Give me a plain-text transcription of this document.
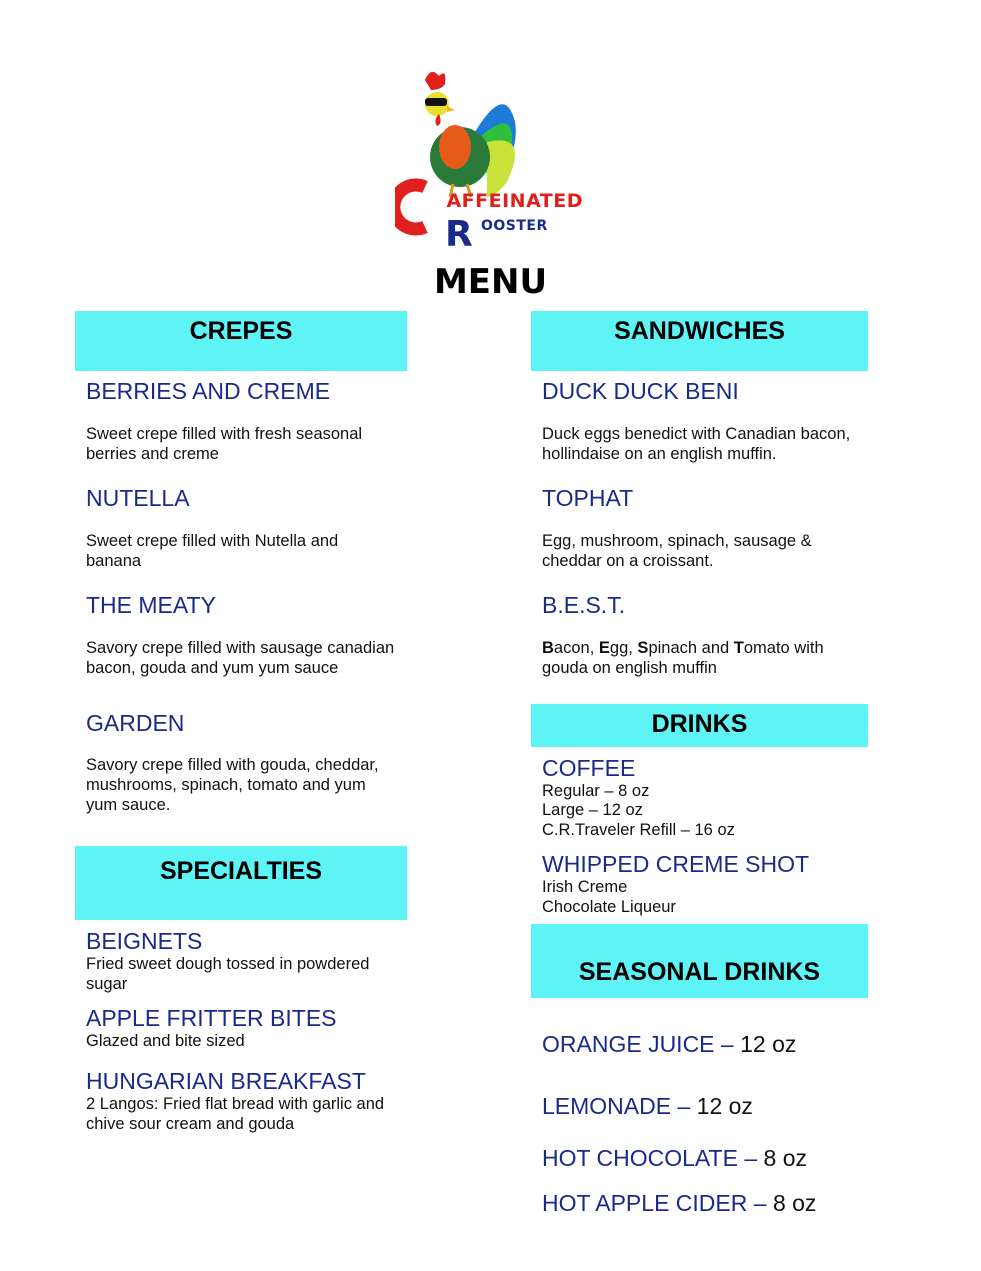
R
AFFEINATED
OOSTER
MENU
CREPES
BERRIES AND CREME
Sweet crepe filled with fresh seasonal berries and creme
NUTELLA
Sweet crepe filled with Nutella and banana
THE MEATY
Savory crepe filled with sausage canadian bacon, gouda and yum yum sauce
GARDEN
Savory crepe filled with gouda, cheddar, mushrooms, spinach, tomato and yum yum sauce.
SPECIALTIES
BEIGNETS
Fried sweet dough tossed in powdered sugar
APPLE FRITTER BITES
Glazed and bite sized
HUNGARIAN BREAKFAST
2 Langos: Fried flat bread with garlic and chive sour cream and gouda
SANDWICHES
DUCK DUCK BENI
Duck eggs benedict with Canadian bacon, hollindaise on an english muffin.
TOPHAT
Egg, mushroom, spinach, sausage & cheddar on a croissant.
B.E.S.T.
Bacon, Egg, Spinach and Tomato with gouda on english muffin
DRINKS
COFFEE
Regular – 8 oz
Large – 12 oz
C.R.Traveler Refill – 16 oz
WHIPPED CREME SHOT
Irish Creme
Chocolate Liqueur
SEASONAL DRINKS
ORANGE JUICE – 12 oz
LEMONADE – 12 oz
HOT CHOCOLATE – 8 oz
HOT APPLE CIDER – 8 oz
